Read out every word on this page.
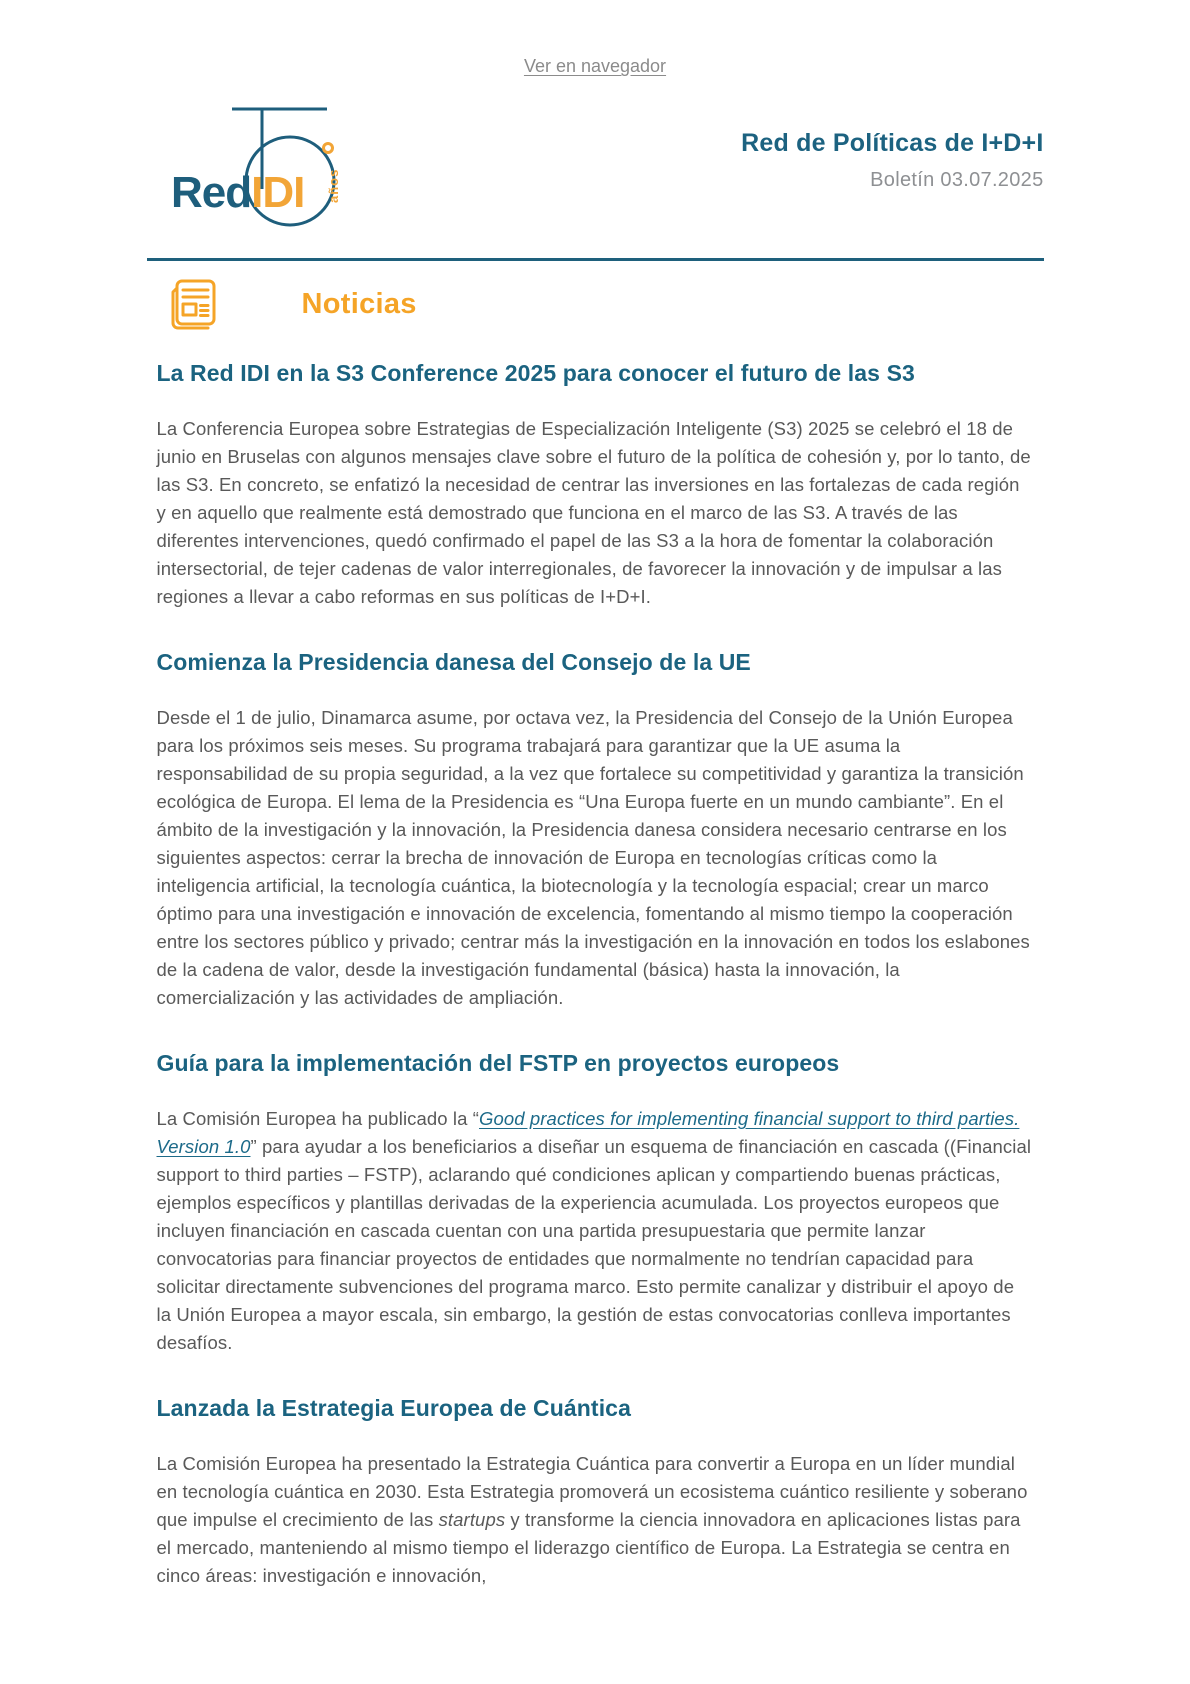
Ver en navegador
años
RedIDI
Red de Políticas de I+D+I
Boletín 03.07.2025
Noticias
La Red IDI en la S3 Conference 2025 para conocer el futuro de las S3

La Conferencia Europea sobre Estrategias de Especialización Inteligente (S3) 2025 se celebró el 18 de junio en Bruselas con algunos mensajes clave sobre el futuro de la política de cohesión y, por lo tanto, de las S3. En concreto, se enfatizó la necesidad de centrar las inversiones en las fortalezas de cada región y en aquello que realmente está demostrado que funciona en el marco de las S3. A través de las diferentes intervenciones, quedó confirmado el papel de las S3 a la hora de fomentar la colaboración intersectorial, de tejer cadenas de valor interregionales, de favorecer la innovación y de impulsar a las regiones a llevar a cabo reformas en sus políticas de I+D+I.

Comienza la Presidencia danesa del Consejo de la UE

Desde el 1 de julio, Dinamarca asume, por octava vez, la Presidencia del Consejo de la Unión Europea para los próximos seis meses. Su programa trabajará para garantizar que la UE asuma la responsabilidad de su propia seguridad, a la vez que fortalece su competitividad y garantiza la transición ecológica de Europa. El lema de la Presidencia es “Una Europa fuerte en un mundo cambiante”. En el ámbito de la investigación y la innovación, la Presidencia danesa considera necesario centrarse en los siguientes aspectos: cerrar la brecha de innovación de Europa en tecnologías críticas como la inteligencia artificial, la tecnología cuántica, la biotecnología y la tecnología espacial; crear un marco óptimo para una investigación e innovación de excelencia, fomentando al mismo tiempo la cooperación entre los sectores público y privado; centrar más la investigación en la innovación en todos los eslabones de la cadena de valor, desde la investigación fundamental (básica) hasta la innovación, la comercialización y las actividades de ampliación.

Guía para la implementación del FSTP en proyectos europeos

La Comisión Europea ha publicado la “Good practices for implementing financial support to third parties. Version 1.0” para ayudar a los beneficiarios a diseñar un esquema de financiación en cascada ((Financial support to third parties – FSTP), aclarando qué condiciones aplican y compartiendo buenas prácticas, ejemplos específicos y plantillas derivadas de la experiencia acumulada. Los proyectos europeos que incluyen financiación en cascada cuentan con una partida presupuestaria que permite lanzar convocatorias para financiar proyectos de entidades que normalmente no tendrían capacidad para solicitar directamente subvenciones del programa marco. Esto permite canalizar y distribuir el apoyo de la Unión Europea a mayor escala, sin embargo, la gestión de estas convocatorias conlleva importantes desafíos.

Lanzada la Estrategia Europea de Cuántica

La Comisión Europea ha presentado la Estrategia Cuántica para convertir a Europa en un líder mundial en tecnología cuántica en 2030. Esta Estrategia promoverá un ecosistema cuántico resiliente y soberano que impulse el crecimiento de las startups y transforme la ciencia innovadora en aplicaciones listas para el mercado, manteniendo al mismo tiempo el liderazgo científico de Europa. La Estrategia se centra en cinco áreas: investigación e innovación,
